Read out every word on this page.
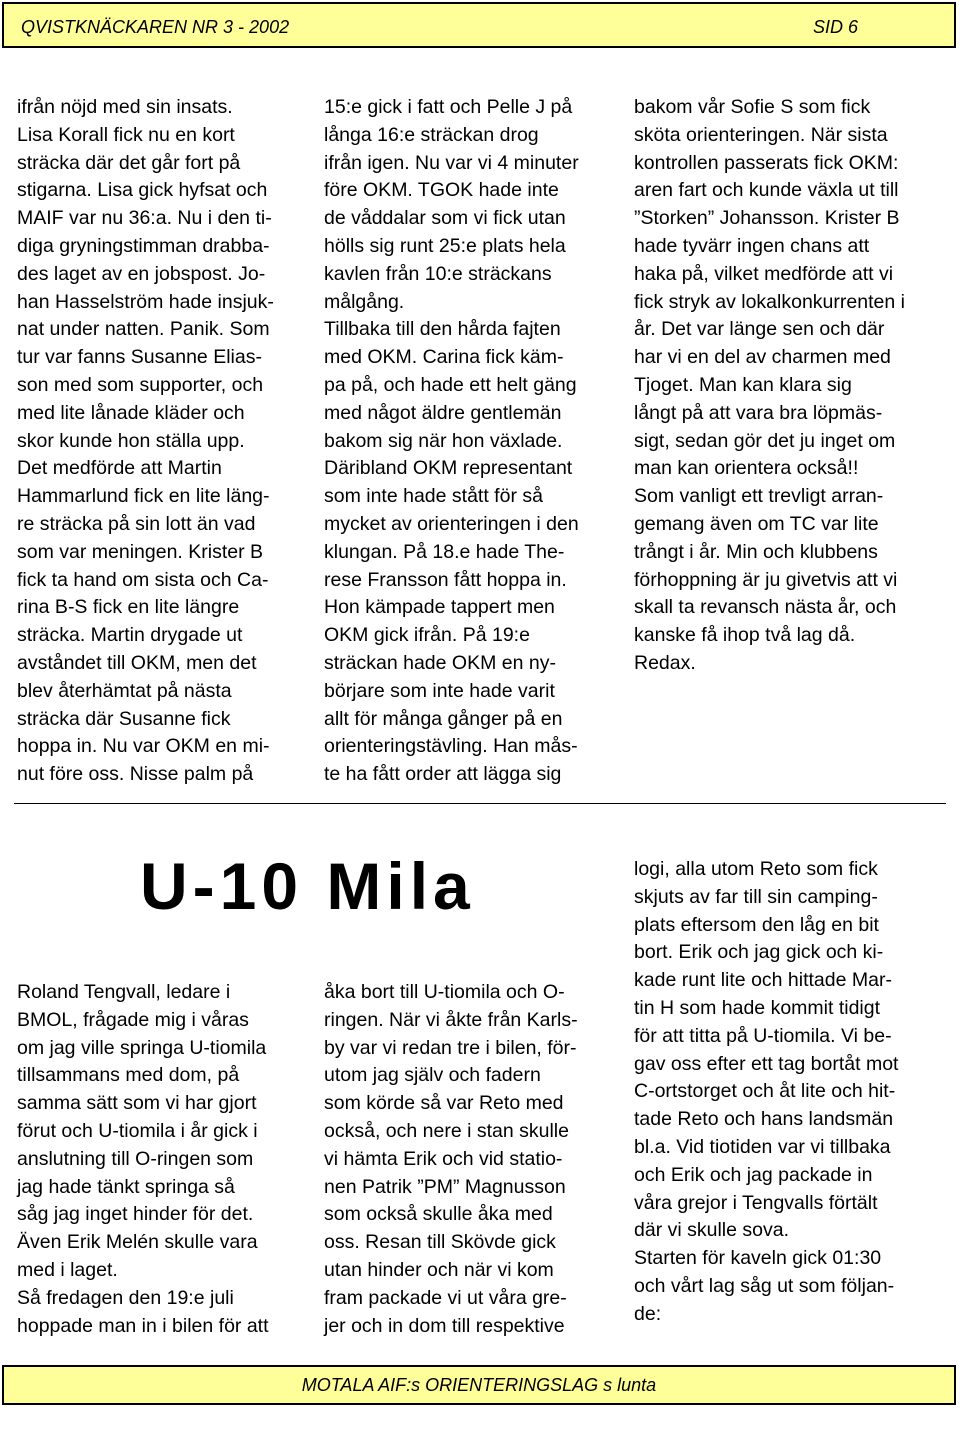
QVISTKNÄCKAREN NR 3 - 2002	SID 6
ifrån nöjd med sin insats.
Lisa Korall fick nu en kort
sträcka där det går fort på
stigarna. Lisa gick hyfsat och
MAIF var nu 36:a. Nu i den ti-
diga gryningstimman drabba-
des laget av en jobspost. Jo-
han Hasselström hade insjuk-
nat under natten. Panik. Som
tur var fanns Susanne Elias-
son med som supporter, och
med lite lånade kläder och
skor kunde hon ställa upp.
Det medförde att Martin
Hammarlund fick en lite läng-
re sträcka på sin lott än vad
som var meningen. Krister B
fick ta hand om sista och Ca-
rina B-S fick en lite längre
sträcka. Martin drygade ut
avståndet till OKM, men det
blev återhämtat på nästa
sträcka där Susanne fick
hoppa in. Nu var OKM en mi-
nut före oss. Nisse palm på
15:e gick i fatt och Pelle J på
långa 16:e sträckan drog
ifrån igen. Nu var vi 4 minuter
före OKM. TGOK hade inte
de våddalar som vi fick utan
hölls sig runt 25:e plats hela
kavlen från 10:e sträckans
målgång.
Tillbaka till den hårda fajten
med OKM. Carina fick käm-
pa på, och hade ett helt gäng
med något äldre gentlemän
bakom sig när hon växlade.
Däribland OKM representant
som inte hade stått för så
mycket av orienteringen i den
klungan. På 18.e hade The-
rese Fransson fått hoppa in.
Hon kämpade tappert men
OKM gick ifrån. På 19:e
sträckan hade OKM en ny-
börjare som inte hade varit
allt för många gånger på en
orienteringstävling. Han mås-
te ha fått order att lägga sig
bakom vår Sofie S som fick
sköta orienteringen. När sista
kontrollen passerats fick OKM:
aren fart och kunde växla ut till
”Storken” Johansson. Krister B
hade tyvärr ingen chans att
haka på, vilket medförde att vi
fick stryk av lokalkonkurrenten i
år. Det var länge sen och där
har vi en del av charmen med
Tjoget. Man kan klara sig
långt på att vara bra löpmäs-
sigt, sedan gör det ju inget om
man kan orientera också!!
Som vanligt ett trevligt arran-
gemang även om TC var lite
trångt i år. Min och klubbens
förhoppning är ju givetvis att vi
skall ta revansch nästa år, och
kanske få ihop två lag då.
Redax.
U-10 Mila
Roland Tengvall, ledare i
BMOL, frågade mig i våras
om jag ville springa U-tiomila
tillsammans med dom, på
samma sätt som vi har gjort
förut och U-tiomila i år gick i
anslutning till O-ringen som
jag hade tänkt springa så
såg jag inget hinder för det.
Även Erik Melén skulle vara
med i laget.
Så fredagen den 19:e juli
hoppade man in i bilen för att
åka bort till U-tiomila och O-
ringen. När vi åkte från Karls-
by var vi redan tre i bilen, för-
utom jag själv och fadern
som körde så var Reto med
också, och nere i stan skulle
vi hämta Erik och vid statio-
nen Patrik ”PM” Magnusson
som också skulle åka med
oss. Resan till Skövde gick
utan hinder och när vi kom
fram packade vi ut våra gre-
jer och in dom till respektive
logi, alla utom Reto som fick
skjuts av far till sin camping-
plats eftersom den låg en bit
bort. Erik och jag gick och ki-
kade runt lite och hittade Mar-
tin H som hade kommit tidigt
för att titta på U-tiomila. Vi be-
gav oss efter ett tag bortåt mot
C-ortstorget och åt lite och hit-
tade Reto och hans landsmän
bl.a. Vid tiotiden var vi tillbaka
och Erik och jag packade in
våra grejor i Tengvalls förtält
där vi skulle sova.
Starten för kaveln gick 01:30
och vårt lag såg ut som följan-
de:
MOTALA AIF:s ORIENTERINGSLAG s lunta
